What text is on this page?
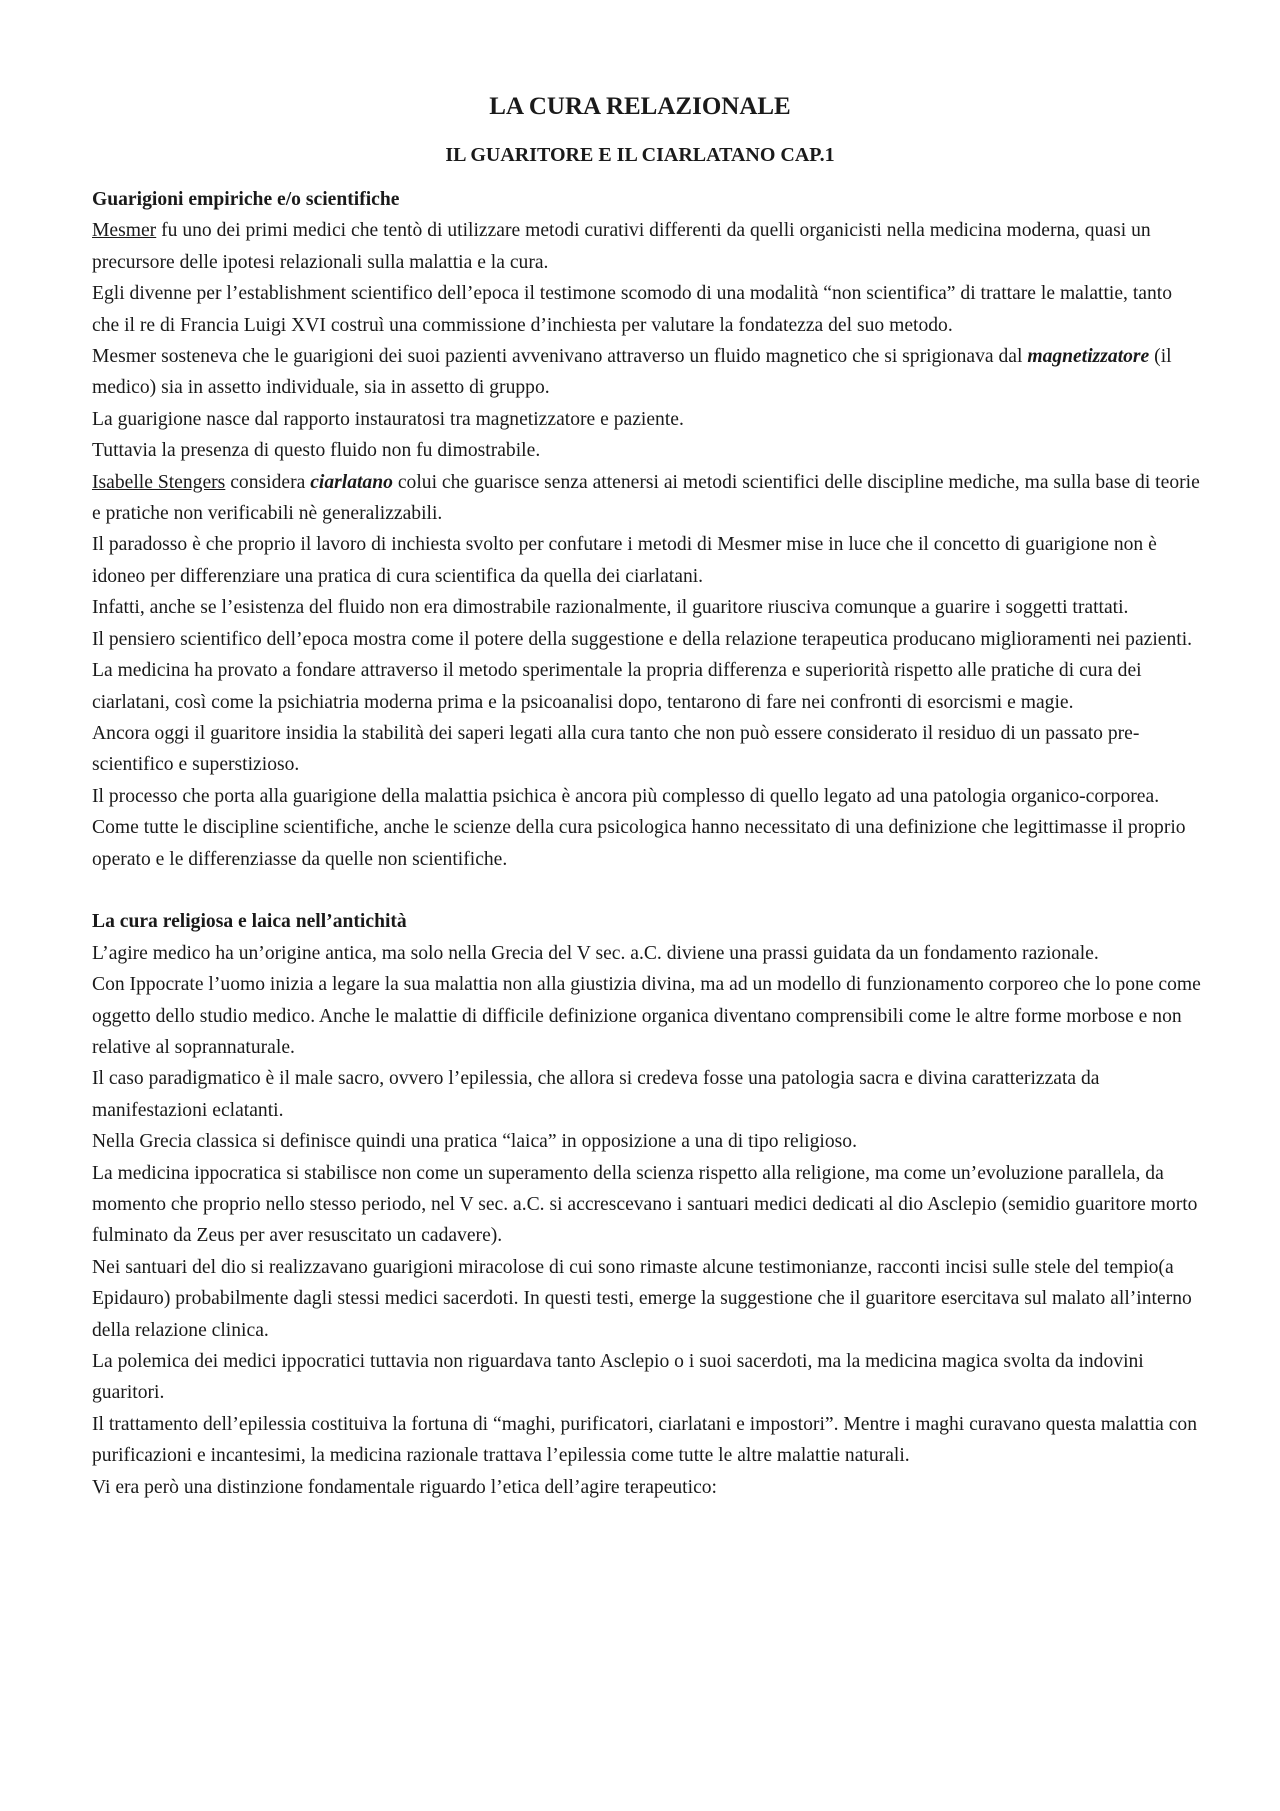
LA CURA RELAZIONALE
IL GUARITORE E IL CIARLATANO CAP.1

Guarigioni empiriche e/o scientifiche

Mesmer fu uno dei primi medici che tentò di utilizzare metodi curativi differenti da quelli organicisti nella medicina moderna, quasi un precursore delle ipotesi relazionali sulla malattia e la cura.

Egli divenne per l’establishment scientifico dell’epoca il testimone scomodo di una modalità “non scientifica” di trattare le malattie, tanto che il re di Francia Luigi XVI costruì una commissione d’inchiesta per valutare la fondatezza del suo metodo.

Mesmer sosteneva che le guarigioni dei suoi pazienti avvenivano attraverso un fluido magnetico che si sprigionava dal magnetizzatore (il medico) sia in assetto individuale, sia in assetto di gruppo.

La guarigione nasce dal rapporto instauratosi tra magnetizzatore e paziente.

Tuttavia la presenza di questo fluido non fu dimostrabile.

Isabelle Stengers considera ciarlatano colui che guarisce senza attenersi ai metodi scientifici delle discipline mediche, ma sulla base di teorie e pratiche non verificabili nè generalizzabili.

Il paradosso è che proprio il lavoro di inchiesta svolto per confutare i metodi di Mesmer mise in luce che il concetto di guarigione non è idoneo per differenziare una pratica di cura scientifica da quella dei ciarlatani.

Infatti, anche se l’esistenza del fluido non era dimostrabile razionalmente, il guaritore riusciva comunque a guarire i soggetti trattati.

Il pensiero scientifico dell’epoca mostra come il potere della suggestione e della relazione terapeutica producano miglioramenti nei pazienti.

La medicina ha provato a fondare attraverso il metodo sperimentale la propria differenza e superiorità rispetto alle pratiche di cura dei ciarlatani, così come la psichiatria moderna prima e la psicoanalisi dopo, tentarono di fare nei confronti di esorcismi e magie.

Ancora oggi il guaritore insidia la stabilità dei saperi legati alla cura tanto che non può essere considerato il residuo di un passato pre-scientifico e superstizioso.

Il processo che porta alla guarigione della malattia psichica è ancora più complesso di quello legato ad una patologia organico-corporea.

Come tutte le discipline scientifiche, anche le scienze della cura psicologica hanno necessitato di una definizione che legittimasse il proprio operato e le differenziasse da quelle non scientifiche.

La cura religiosa e laica nell’antichità

L’agire medico ha un’origine antica, ma solo nella Grecia del V sec. a.C. diviene una prassi guidata da un fondamento razionale.

Con Ippocrate l’uomo inizia a legare la sua malattia non alla giustizia divina, ma ad un modello di funzionamento corporeo che lo pone come oggetto dello studio medico. Anche le malattie di difficile definizione organica diventano comprensibili come le altre forme morbose e non relative al soprannaturale.

Il caso paradigmatico è il male sacro, ovvero l’epilessia, che allora si credeva fosse una patologia sacra e divina caratterizzata da manifestazioni eclatanti.

Nella Grecia classica si definisce quindi una pratica “laica” in opposizione a una di tipo religioso.

La medicina ippocratica si stabilisce non come un superamento della scienza rispetto alla religione, ma come un’evoluzione parallela, da momento che proprio nello stesso periodo, nel V sec. a.C. si accrescevano i santuari medici dedicati al dio Asclepio (semidio guaritore morto fulminato da Zeus per aver resuscitato un cadavere).

Nei santuari del dio si realizzavano guarigioni miracolose di cui sono rimaste alcune testimonianze, racconti incisi sulle stele del tempio(a Epidauro) probabilmente dagli stessi medici sacerdoti. In questi testi, emerge la suggestione che il guaritore esercitava sul malato all’interno della relazione clinica.

La polemica dei medici ippocratici tuttavia non riguardava tanto Asclepio o i suoi sacerdoti, ma la medicina magica svolta da indovini guaritori.

Il trattamento dell’epilessia costituiva la fortuna di “maghi, purificatori, ciarlatani e impostori”. Mentre i maghi curavano questa malattia con purificazioni e incantesimi, la medicina razionale trattava l’epilessia come tutte le altre malattie naturali.

Vi era però una distinzione fondamentale riguardo l’etica dell’agire terapeutico:
